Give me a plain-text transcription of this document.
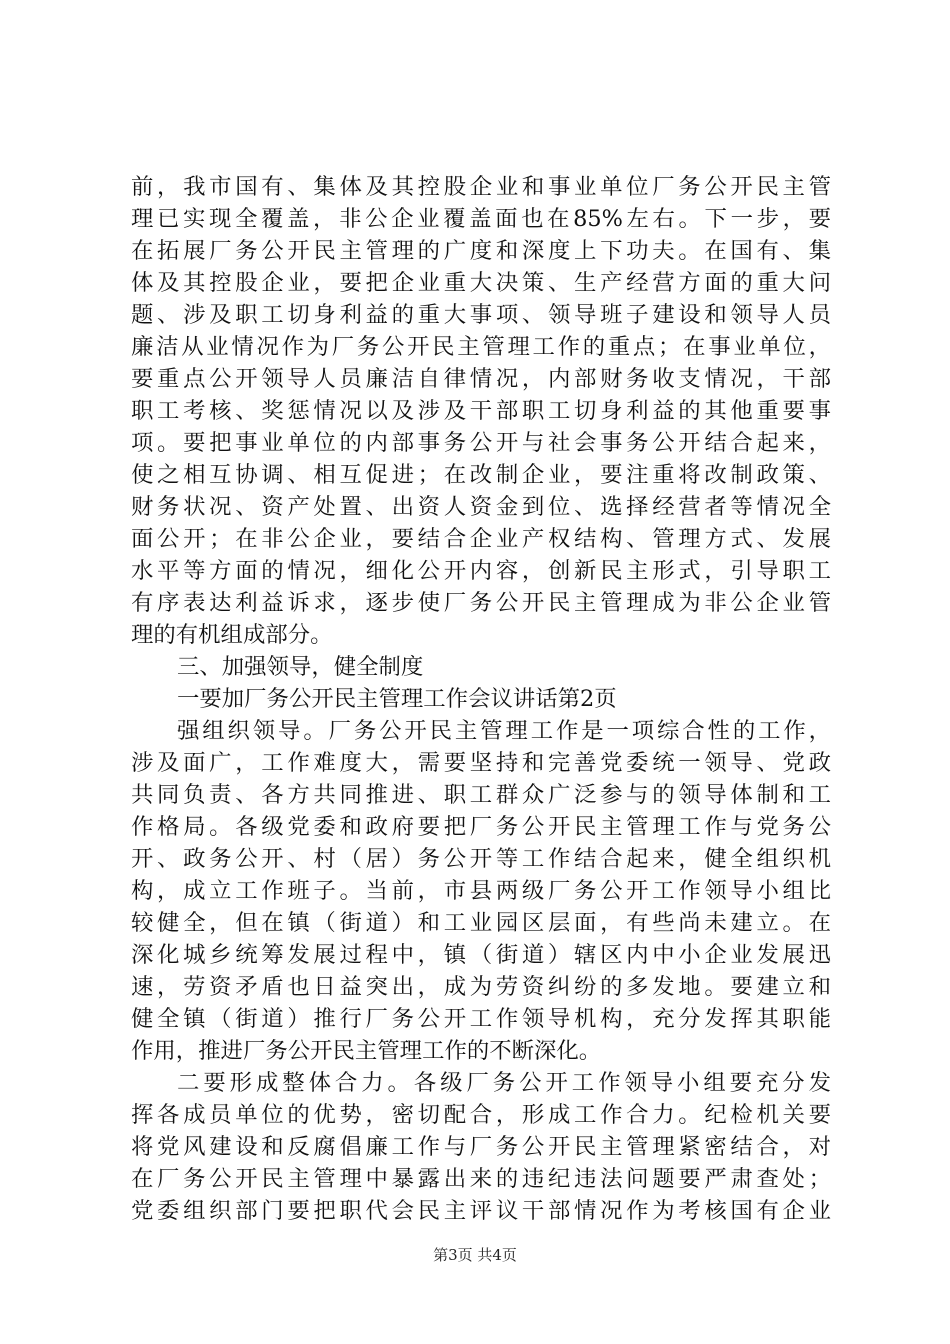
前，我市国有、集体及其控股企业和事业单位厂务公开民主管
理已实现全覆盖，非公企业覆盖面也在85%左右。下一步，要
在拓展厂务公开民主管理的广度和深度上下功夫。在国有、集
体及其控股企业，要把企业重大决策、生产经营方面的重大问
题、涉及职工切身利益的重大事项、领导班子建设和领导人员
廉洁从业情况作为厂务公开民主管理工作的重点；在事业单位，
要重点公开领导人员廉洁自律情况，内部财务收支情况，干部
职工考核、奖惩情况以及涉及干部职工切身利益的其他重要事
项。要把事业单位的内部事务公开与社会事务公开结合起来，
使之相互协调、相互促进；在改制企业，要注重将改制政策、
财务状况、资产处置、出资人资金到位、选择经营者等情况全
面公开；在非公企业，要结合企业产权结构、管理方式、发展
水平等方面的情况，细化公开内容，创新民主形式，引导职工
有序表达利益诉求，逐步使厂务公开民主管理成为非公企业管
理的有机组成部分。
三、加强领导，健全制度
一要加厂务公开民主管理工作会议讲话第2页
强组织领导。厂务公开民主管理工作是一项综合性的工作，
涉及面广，工作难度大，需要坚持和完善党委统一领导、党政
共同负责、各方共同推进、职工群众广泛参与的领导体制和工
作格局。各级党委和政府要把厂务公开民主管理工作与党务公
开、政务公开、村（居）务公开等工作结合起来，健全组织机
构，成立工作班子。当前，市县两级厂务公开工作领导小组比
较健全，但在镇（街道）和工业园区层面，有些尚未建立。在
深化城乡统筹发展过程中，镇（街道）辖区内中小企业发展迅
速，劳资矛盾也日益突出，成为劳资纠纷的多发地。要建立和
健全镇（街道）推行厂务公开工作领导机构，充分发挥其职能
作用，推进厂务公开民主管理工作的不断深化。
二要形成整体合力。各级厂务公开工作领导小组要充分发
挥各成员单位的优势，密切配合，形成工作合力。纪检机关要
将党风建设和反腐倡廉工作与厂务公开民主管理紧密结合，对
在厂务公开民主管理中暴露出来的违纪违法问题要严肃查处；
党委组织部门要把职代会民主评议干部情况作为考核国有企业
第3页 共4页
